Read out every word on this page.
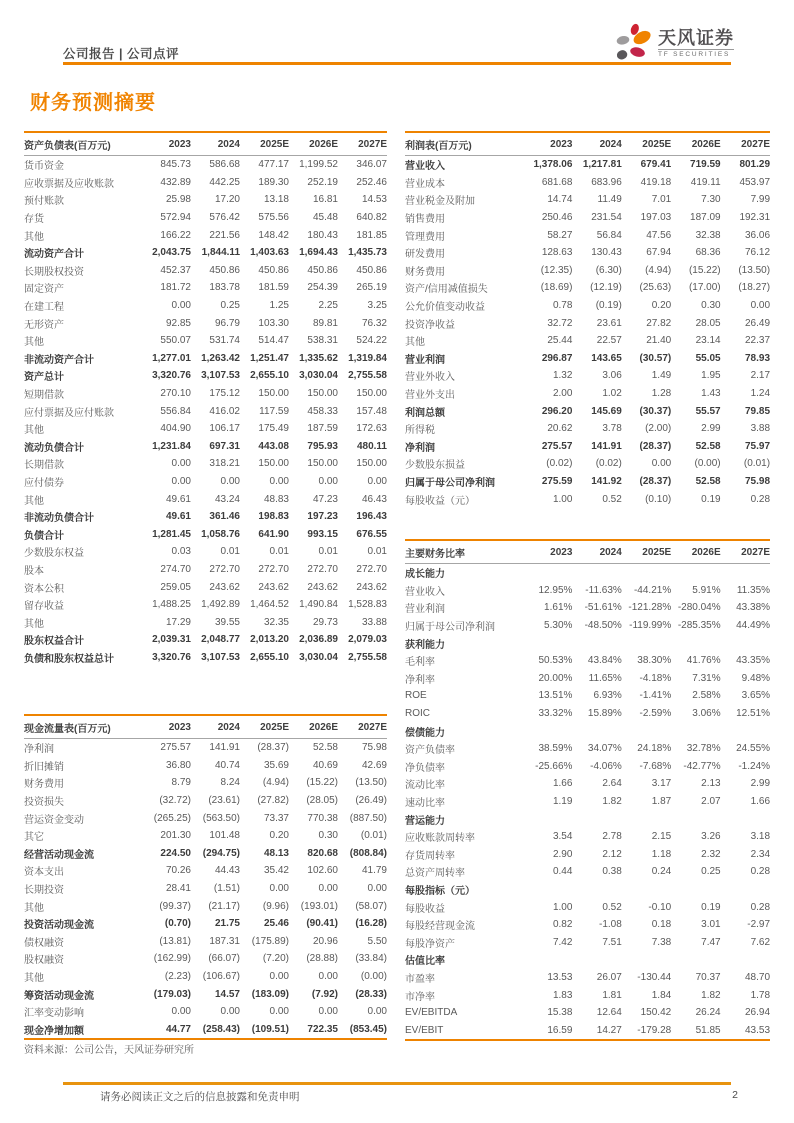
公司报告 | 公司点评
天风证券
TF SECURITIES
财务预测摘要
资产负债表(百万元)	2023	2024	2025E	2026E	2027E
货币资金	845.73	586.68	477.17	1,199.52	346.07
应收票据及应收账款	432.89	442.25	189.30	252.19	252.46
预付账款	25.98	17.20	13.18	16.81	14.53
存货	572.94	576.42	575.56	45.48	640.82
其他	166.22	221.56	148.42	180.43	181.85
流动资产合计	2,043.75	1,844.11	1,403.63	1,694.43	1,435.73
长期股权投资	452.37	450.86	450.86	450.86	450.86
固定资产	181.72	183.78	181.59	254.39	265.19
在建工程	0.00	0.25	1.25	2.25	3.25
无形资产	92.85	96.79	103.30	89.81	76.32
其他	550.07	531.74	514.47	538.31	524.22
非流动资产合计	1,277.01	1,263.42	1,251.47	1,335.62	1,319.84
资产总计	3,320.76	3,107.53	2,655.10	3,030.04	2,755.58
短期借款	270.10	175.12	150.00	150.00	150.00
应付票据及应付账款	556.84	416.02	117.59	458.33	157.48
其他	404.90	106.17	175.49	187.59	172.63
流动负债合计	1,231.84	697.31	443.08	795.93	480.11
长期借款	0.00	318.21	150.00	150.00	150.00
应付债券	0.00	0.00	0.00	0.00	0.00
其他	49.61	43.24	48.83	47.23	46.43
非流动负债合计	49.61	361.46	198.83	197.23	196.43
负债合计	1,281.45	1,058.76	641.90	993.15	676.55
少数股东权益	0.03	0.01	0.01	0.01	0.01
股本	274.70	272.70	272.70	272.70	272.70
资本公积	259.05	243.62	243.62	243.62	243.62
留存收益	1,488.25	1,492.89	1,464.52	1,490.84	1,528.83
其他	17.29	39.55	32.35	29.73	33.88
股东权益合计	2,039.31	2,048.77	2,013.20	2,036.89	2,079.03
负债和股东权益总计	3,320.76	3,107.53	2,655.10	3,030.04	2,755.58
利润表(百万元)	2023	2024	2025E	2026E	2027E
营业收入	1,378.06	1,217.81	679.41	719.59	801.29
营业成本	681.68	683.96	419.18	419.11	453.97
营业税金及附加	14.74	11.49	7.01	7.30	7.99
销售费用	250.46	231.54	197.03	187.09	192.31
管理费用	58.27	56.84	47.56	32.38	36.06
研发费用	128.63	130.43	67.94	68.36	76.12
财务费用	(12.35)	(6.30)	(4.94)	(15.22)	(13.50)
资产/信用减值损失	(18.69)	(12.19)	(25.63)	(17.00)	(18.27)
公允价值变动收益	0.78	(0.19)	0.20	0.30	0.00
投资净收益	32.72	23.61	27.82	28.05	26.49
其他	25.44	22.57	21.40	23.14	22.37
营业利润	296.87	143.65	(30.57)	55.05	78.93
营业外收入	1.32	3.06	1.49	1.95	2.17
营业外支出	2.00	1.02	1.28	1.43	1.24
利润总额	296.20	145.69	(30.37)	55.57	79.85
所得税	20.62	3.78	(2.00)	2.99	3.88
净利润	275.57	141.91	(28.37)	52.58	75.97
少数股东损益	(0.02)	(0.02)	0.00	(0.00)	(0.01)
归属于母公司净利润	275.59	141.92	(28.37)	52.58	75.98
每股收益（元）	1.00	0.52	(0.10)	0.19	0.28
现金流量表(百万元)	2023	2024	2025E	2026E	2027E
净利润	275.57	141.91	(28.37)	52.58	75.98
折旧摊销	36.80	40.74	35.69	40.69	42.69
财务费用	8.79	8.24	(4.94)	(15.22)	(13.50)
投资损失	(32.72)	(23.61)	(27.82)	(28.05)	(26.49)
营运资金变动	(265.25)	(563.50)	73.37	770.38	(887.50)
其它	201.30	101.48	0.20	0.30	(0.01)
经营活动现金流	224.50	(294.75)	48.13	820.68	(808.84)
资本支出	70.26	44.43	35.42	102.60	41.79
长期投资	28.41	(1.51)	0.00	0.00	0.00
其他	(99.37)	(21.17)	(9.96)	(193.01)	(58.07)
投资活动现金流	(0.70)	21.75	25.46	(90.41)	(16.28)
债权融资	(13.81)	187.31	(175.89)	20.96	5.50
股权融资	(162.99)	(66.07)	(7.20)	(28.88)	(33.84)
其他	(2.23)	(106.67)	0.00	0.00	(0.00)
筹资活动现金流	(179.03)	14.57	(183.09)	(7.92)	(28.33)
汇率变动影响	0.00	0.00	0.00	0.00	0.00
现金净增加额	44.77	(258.43)	(109.51)	722.35	(853.45)
主要财务比率	2023	2024	2025E	2026E	2027E
成长能力
营业收入	12.95%	-11.63%	-44.21%	5.91%	11.35%
营业利润	1.61%	-51.61% -121.28% -280.04%	43.38%
归属于母公司净利润	5.30%	-48.50% -119.99% -285.35%	44.49%
获利能力
毛利率	50.53%	43.84%	38.30%	41.76%	43.35%
净利率	20.00%	11.65%	-4.18%	7.31%	9.48%
ROE	13.51%	6.93%	-1.41%	2.58%	3.65%
ROIC	33.32%	15.89%	-2.59%	3.06%	12.51%
偿债能力
资产负债率	38.59%	34.07%	24.18%	32.78%	24.55%
净负债率	-25.66%	-4.06%	-7.68%	-42.77%	-1.24%
流动比率	1.66	2.64	3.17	2.13	2.99
速动比率	1.19	1.82	1.87	2.07	1.66
营运能力
应收账款周转率	3.54	2.78	2.15	3.26	3.18
存货周转率	2.90	2.12	1.18	2.32	2.34
总资产周转率	0.44	0.38	0.24	0.25	0.28
每股指标（元）
每股收益	1.00	0.52	-0.10	0.19	0.28
每股经营现金流	0.82	-1.08	0.18	3.01	-2.97
每股净资产	7.42	7.51	7.38	7.47	7.62
估值比率
市盈率	13.53	26.07	-130.44	70.37	48.70
市净率	1.83	1.81	1.84	1.82	1.78
EV/EBITDA	15.38	12.64	150.42	26.24	26.94
EV/EBIT	16.59	14.27	-179.28	51.85	43.53
资料来源：公司公告，天风证券研究所
请务必阅读正文之后的信息披露和免责申明	2
